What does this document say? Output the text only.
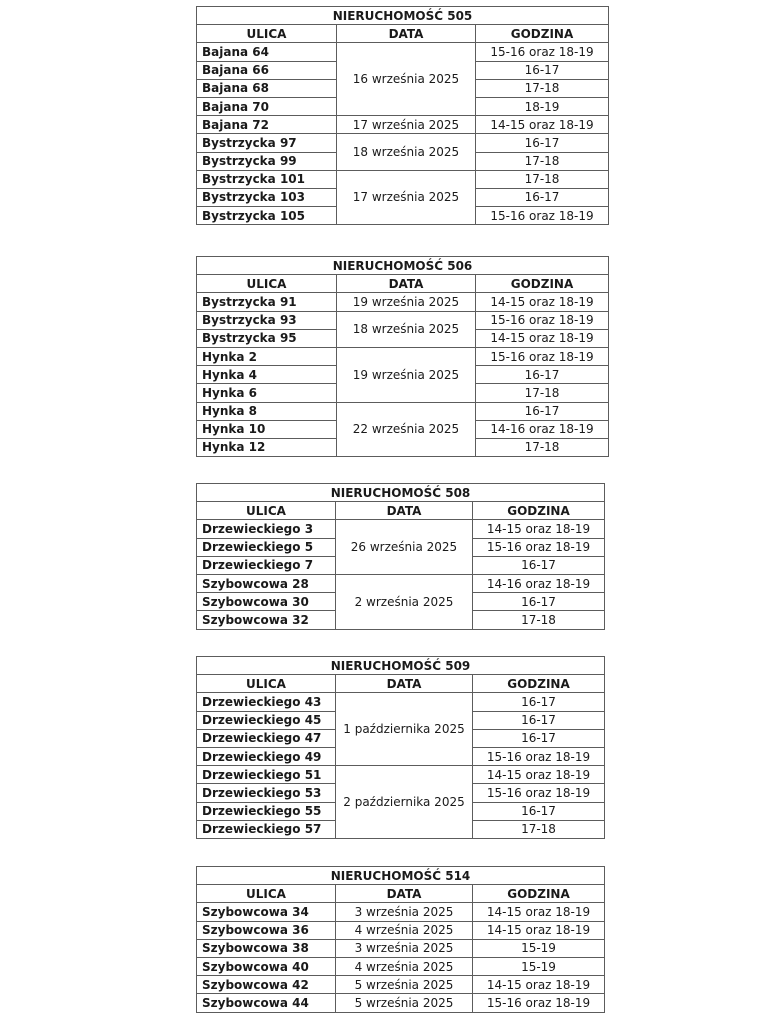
NIERUCHOMOŚĆ 505		
ULICA	DATA	GODZINA
Bajana 64	16 września 2025	15-16 oraz 18-19
Bajana 66		16-17
Bajana 68		17-18
Bajana 70		18-19
Bajana 72	17 września 2025	14-15 oraz 18-19
Bystrzycka 97	18 września 2025	16-17
Bystrzycka 99		17-18
Bystrzycka 101	17 września 2025	17-18
Bystrzycka 103		16-17
Bystrzycka 105		15-16 oraz 18-19
NIERUCHOMOŚĆ 506		
ULICA	DATA	GODZINA
Bystrzycka 91	19 września 2025	14-15 oraz 18-19
Bystrzycka 93	18 września 2025	15-16 oraz 18-19
Bystrzycka 95		14-15 oraz 18-19
Hynka 2	19 września 2025	15-16 oraz 18-19
Hynka 4		16-17
Hynka 6		17-18
Hynka 8	22 września 2025	16-17
Hynka 10		14-16 oraz 18-19
Hynka 12		17-18
NIERUCHOMOŚĆ 508		
ULICA	DATA	GODZINA
Drzewieckiego 3	26 września 2025	14-15 oraz 18-19
Drzewieckiego 5		15-16 oraz 18-19
Drzewieckiego 7		16-17
Szybowcowa 28	2 września 2025	14-16 oraz 18-19
Szybowcowa 30		16-17
Szybowcowa 32		17-18
NIERUCHOMOŚĆ 509		
ULICA	DATA	GODZINA
Drzewieckiego 43	1 października 2025	16-17
Drzewieckiego 45		16-17
Drzewieckiego 47		16-17
Drzewieckiego 49		15-16 oraz 18-19
Drzewieckiego 51	2 października 2025	14-15 oraz 18-19
Drzewieckiego 53		15-16 oraz 18-19
Drzewieckiego 55		16-17
Drzewieckiego 57		17-18
NIERUCHOMOŚĆ 514		
ULICA	DATA	GODZINA
Szybowcowa 34	3 września 2025	14-15 oraz 18-19
Szybowcowa 36	4 września 2025	14-15 oraz 18-19
Szybowcowa 38	3 września 2025	15-19
Szybowcowa 40	4 września 2025	15-19
Szybowcowa 42	5 września 2025	14-15 oraz 18-19
Szybowcowa 44	5 września 2025	15-16 oraz 18-19
